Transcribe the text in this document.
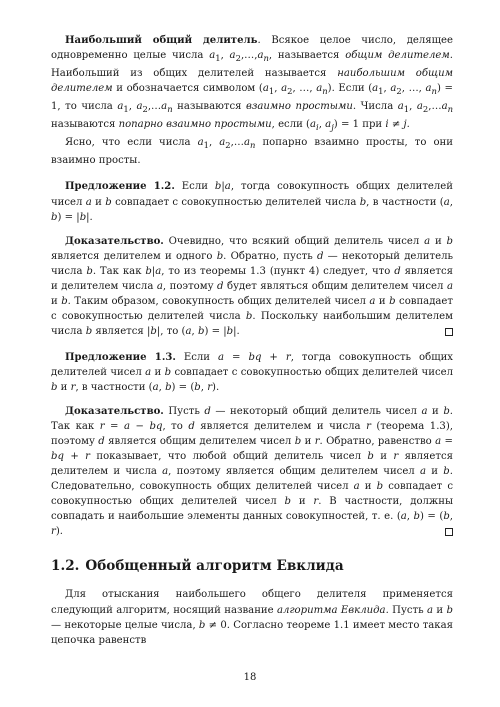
Наибольший общий делитель. Всякое целое число, делящее одновременно целые числа $a_1$, $a_2,\dots,a_n$, называется общим делителем. Наибольший из общих делителей называется наибольшим общим делителем и обозначается символом ($a_1$, $a_2$, …, $a_n$). Если ($a_1$, $a_2$, …, $a_n) = 1$, то числа $a_1$, $a_2,\dots a_n$ называются взаимно простыми. Числа $a_1$, $a_2,\dots a_n$ называются попарно взаимно простыми, если ($a_i$, $a_j) = 1$ при i ≠ j.

Ясно, что если числа $a_1$, $a_2,\dots a_n$ попарно взаимно просты, то они взаимно просты.

Предложение 1.2. Если b|a, тогда совокупность общих делителей чисел a и b совпадает с совокупностью делителей числа b, в частности (a, b) = |b|.

Доказательство. Очевидно, что всякий общий делитель чисел a и b является делителем и одного b. Обратно, пусть d — некоторый делитель числа b. Так как b|a, то из теоремы 1.3 (пункт 4) следует, что d является и делителем числа a, поэтому d будет являться общим делителем чисел a и b. Таким образом, совокупность общих делителей чисел a и b совпадает с совокупностью делителей числа b. Поскольку наибольшим делителем числа b является |b|, то (a, b) = |b|.

Предложение 1.3. Если a = bq + r, тогда совокупность общих делителей чисел a и b совпадает с совокупностью общих делителей чисел b и r, в частности (a, b) = (b, r).

Доказательство. Пусть d — некоторый общий делитель чисел a и b. Так как r = a − bq, то d является делителем и числа r (теорема 1.3), поэтому d является общим делителем чисел b и r. Обратно, равенство a = bq + r показывает, что любой общий делитель чисел b и r является делителем и числа a, поэтому является общим делителем чисел a и b. Следовательно, совокупность общих делителей чисел a и b совпадает с совокупностью общих делителей чисел b и r. В частности, должны совпадать и наибольшие элементы данных совокупностей, т. е. (a, b) = (b, r).

1.2. Обобщенный алгоритм Евклида

Для отыскания наибольшего общего делителя применяется следующий алгоритм, носящий название алгоритма Евклида. Пусть a и b — некоторые целые числа, b ≠ 0. Согласно теореме 1.1 имеет место такая цепочка равенств

18
